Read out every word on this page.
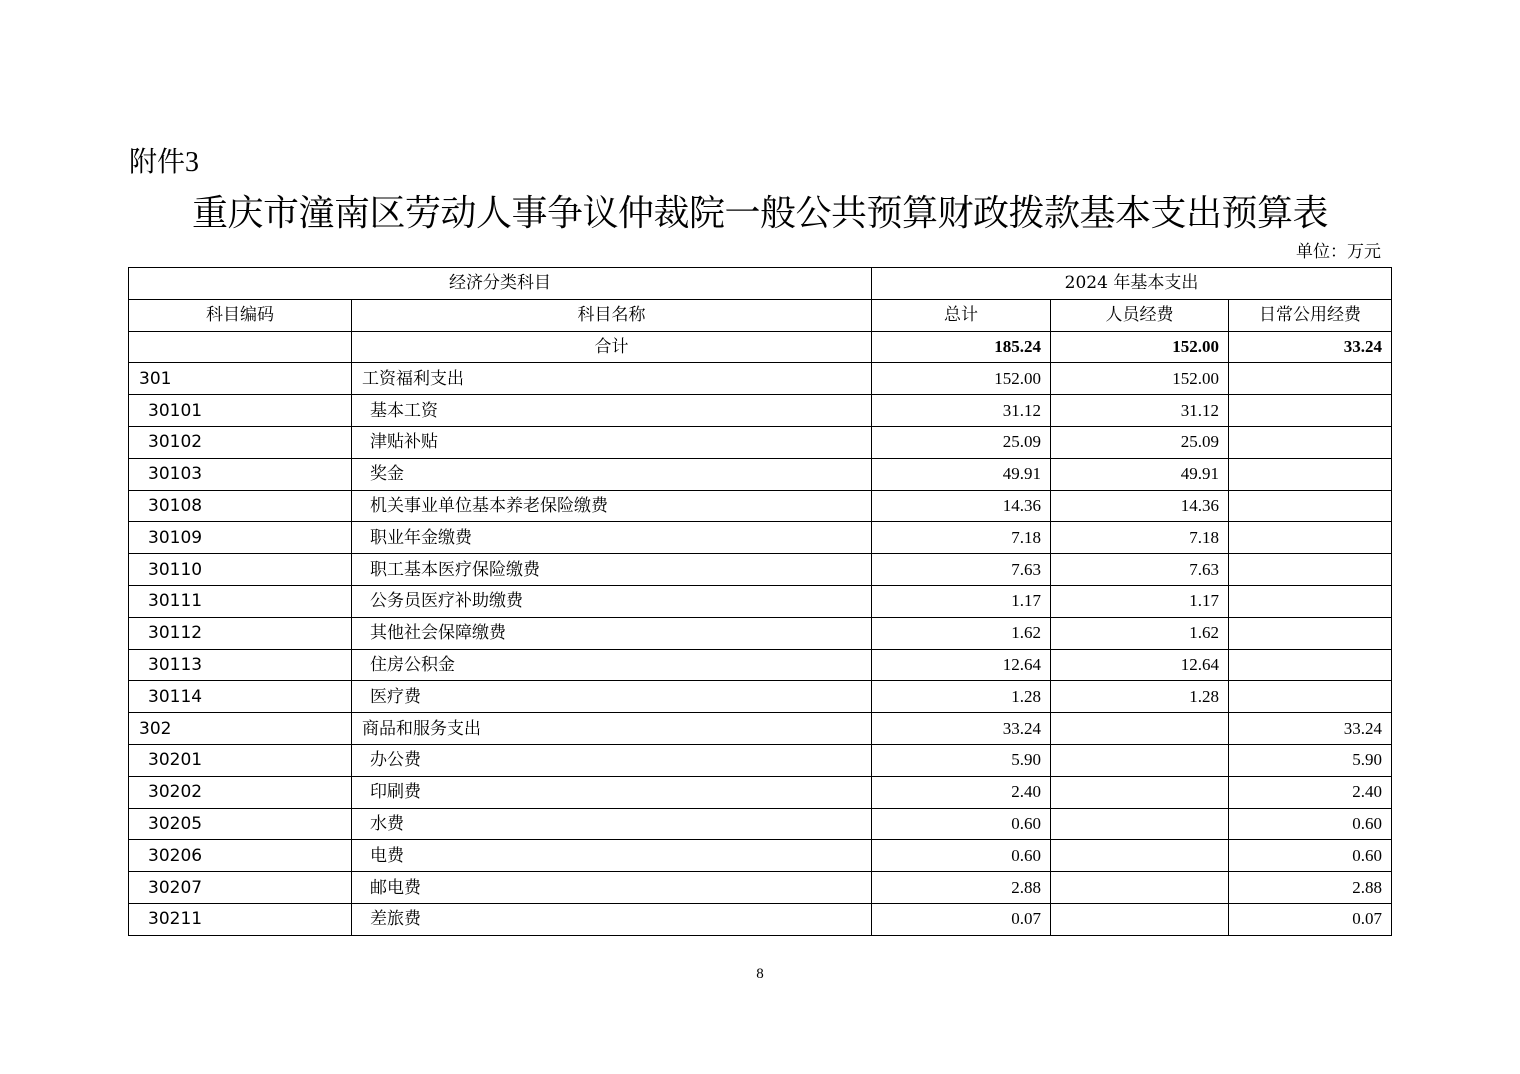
附件3
重庆市潼南区劳动人事争议仲裁院一般公共预算财政拨款基本支出预算表
单位：万元
经济分类科目		2024 年基本支出		
科目编码	科目名称	总计	人员经费	日常公用经费
	合计	185.24	152.00	33.24
301	工资福利支出	152.00	152.00	
30101	基本工资	31.12	31.12	
30102	津贴补贴	25.09	25.09	
30103	奖金	49.91	49.91	
30108	机关事业单位基本养老保险缴费	14.36	14.36	
30109	职业年金缴费	7.18	7.18	
30110	职工基本医疗保险缴费	7.63	7.63	
30111	公务员医疗补助缴费	1.17	1.17	
30112	其他社会保障缴费	1.62	1.62	
30113	住房公积金	12.64	12.64	
30114	医疗费	1.28	1.28	
302	商品和服务支出	33.24		33.24
30201	办公费	5.90		5.90
30202	印刷费	2.40		2.40
30205	水费	0.60		0.60
30206	电费	0.60		0.60
30207	邮电费	2.88		2.88
30211	差旅费	0.07		0.07
8
